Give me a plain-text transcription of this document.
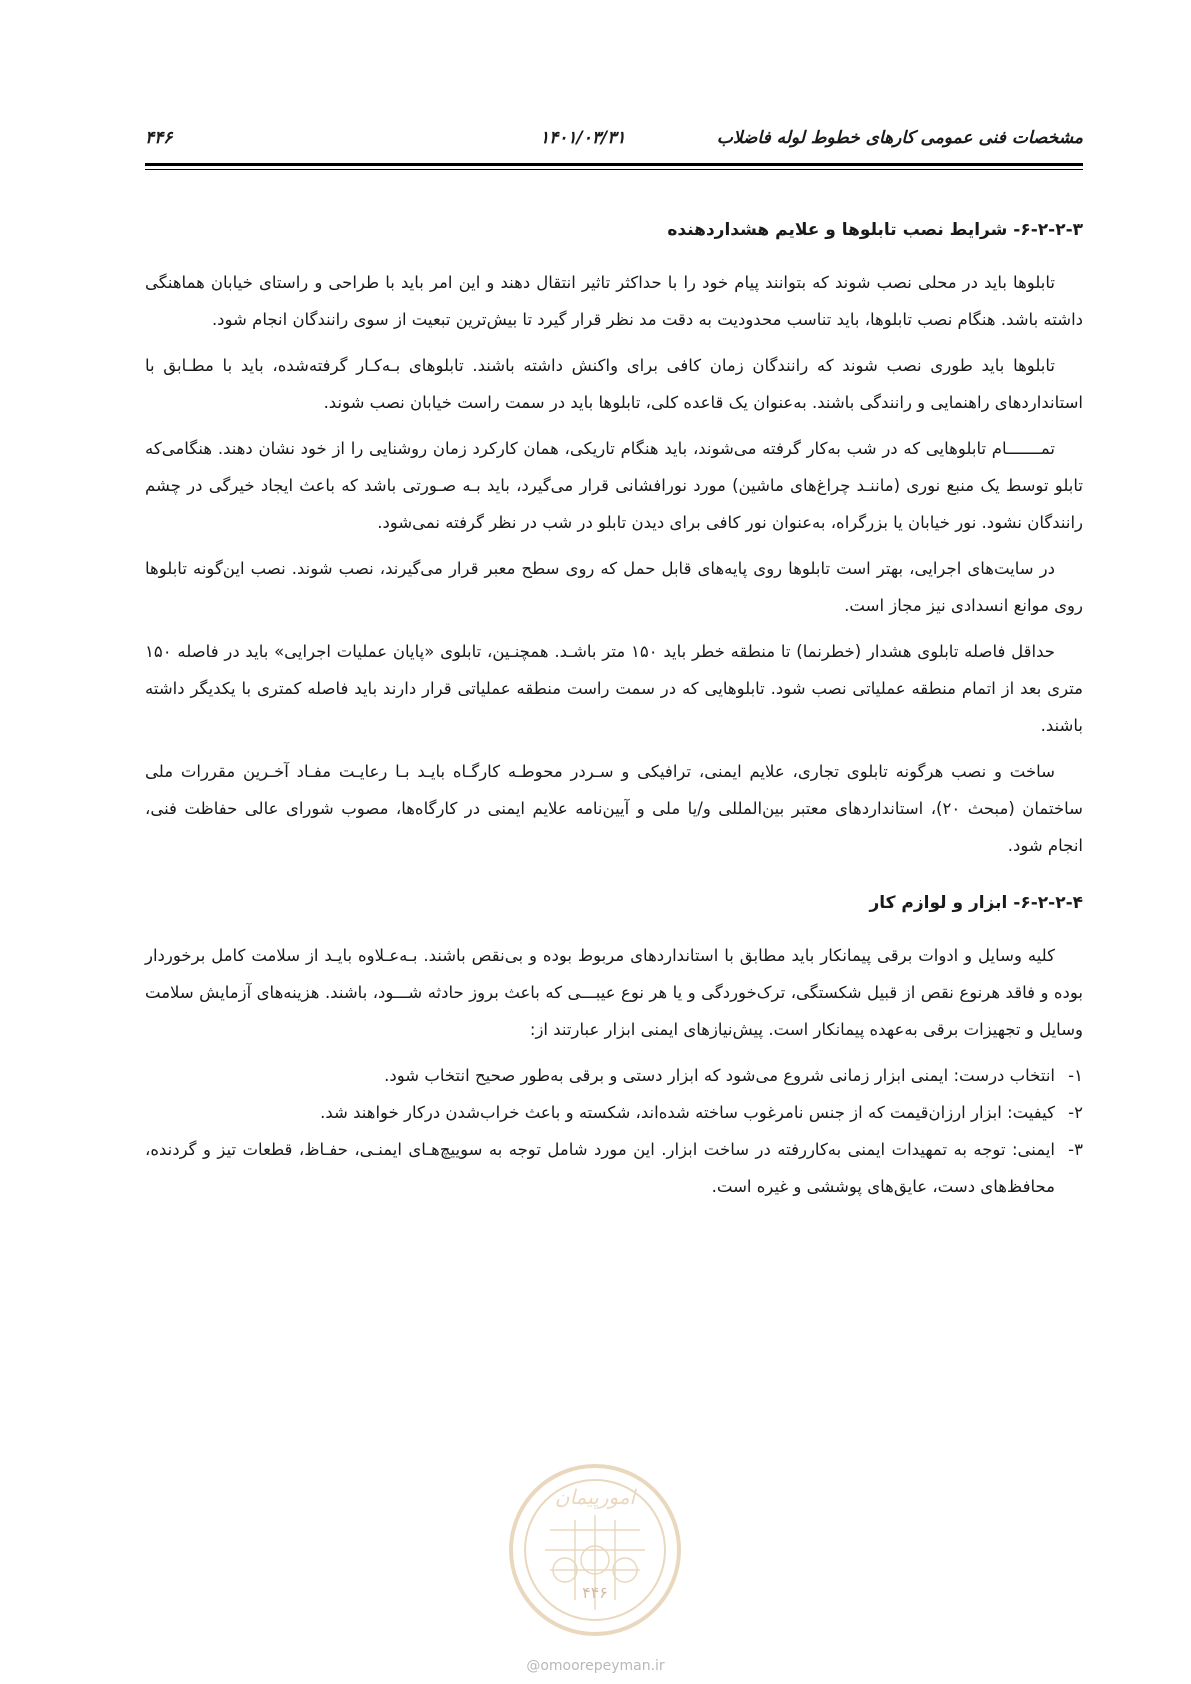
مشخصات فنی عمومی کارهای خطوط لوله فاضلاب
۱۴۰۱/۰۳/۳۱
۴۴۶
۶-۲-۲-۳- شرایط نصب تابلوها و علایم هشداردهنده

تابلوها باید در محلی نصب شوند که بتوانند پیام خود را با حداکثر تاثیر انتقال دهند و این امر باید با طراحی و راستای خیابان هماهنگی داشته باشد. هنگام نصب تابلوها، باید تناسب محدودیت به دقت مد نظر قرار گیرد تا بیش‌ترین تبعیت از سوی رانندگان انجام شود.

تابلوها باید طوری نصب شوند که رانندگان زمان کافی برای واکنش داشته باشند. تابلوهای بـه‌کـار گرفته‌شده، باید با مطـابق با استانداردهای راهنمایی و رانندگی باشند. به‌عنوان یک قاعده کلی، تابلوها باید در سمت راست خیابان نصب شوند.

تمـــــــام تابلوهایی که در شب به‌کار گرفته می‌شوند، باید هنگام تاریکی، همان کارکرد زمان روشنایی را از خود نشان دهند. هنگامی‌که تابلو توسط یک منبع نوری (ماننـد چراغ‌های ماشین) مورد نورافشانی قرار می‌گیرد، باید بـه صـورتی باشد که باعث ایجاد خیرگی در چشم رانندگان نشود. نور خیابان یا بزرگراه، به‌عنوان نور کافی برای دیدن تابلو در شب در نظر گرفته نمی‌شود.

در سایت‌های اجرایی، بهتر است تابلوها روی پایه‌های قابل حمل که روی سطح معبر قرار می‌گیرند، نصب شوند. نصب این‌گونه تابلوها روی موانع انسدادی نیز مجاز است.

حداقل فاصله تابلوی هشدار (خطرنما) تا منطقه خطر باید ۱۵۰ متر باشـد. همچنـین، تابلوی «پایان عملیات اجرایی» باید در فاصله ۱۵۰ متری بعد از اتمام منطقه عملیاتی نصب شود. تابلوهایی که در سمت راست منطقه عملیاتی قرار دارند باید فاصله کمتری با یکدیگر داشته باشند.

ساخت و نصب هرگونه تابلوی تجاری، علایم ایمنی، ترافیکی و سـردر محوطـه کارگـاه بایـد بـا رعایـت مفـاد آخـرین مقررات ملی ساختمان (مبحث ۲۰)، استانداردهای معتبر بین‌المللی و/یا ملی و آیین‌نامه علایم ایمنی در کارگاه‌ها، مصوب شورای عالی حفاظت فنی، انجام شود.

۶-۲-۲-۴- ابزار و لوازم کار

کلیه وسایل و ادوات برقی پیمانکار باید مطابق با استانداردهای مربوط بوده و بی‌نقص باشند. بـه‌عـلاوه بایـد از سلامت کامل برخوردار بوده و فاقد هرنوع نقص از قبیل شکستگی، ترک‌خوردگی و یا هر نوع عیبـــی که باعث بروز حادثه شـــود، باشند. هزینه‌های آزمایش سلامت وسایل و تجهیزات برقی به‌عهده پیمانکار است. پیش‌نیازهای ایمنی ابزار عبارتند از:

۱-
انتخاب درست: ایمنی ابزار زمانی شروع می‌شود که ابزار دستی و برقی به‌طور صحیح انتخاب شود.
۲-
کیفیت: ابزار ارزان‌قیمت که از جنس نامرغوب ساخته شده‌اند، شکسته و باعث خراب‌شدن درکار خواهند شد.
۳-
ایمنی: توجه به تمهیدات ایمنی به‌کاررفته در ساخت ابزار. این مورد شامل توجه به سوییچ‌هـای ایمنـی، حفـاظ، قطعات تیز و گردنده، محافظ‌های دست، عایق‌های پوششی و غیره است.
امورپیمان
۴۴۶
@omoorepeyman.ir
